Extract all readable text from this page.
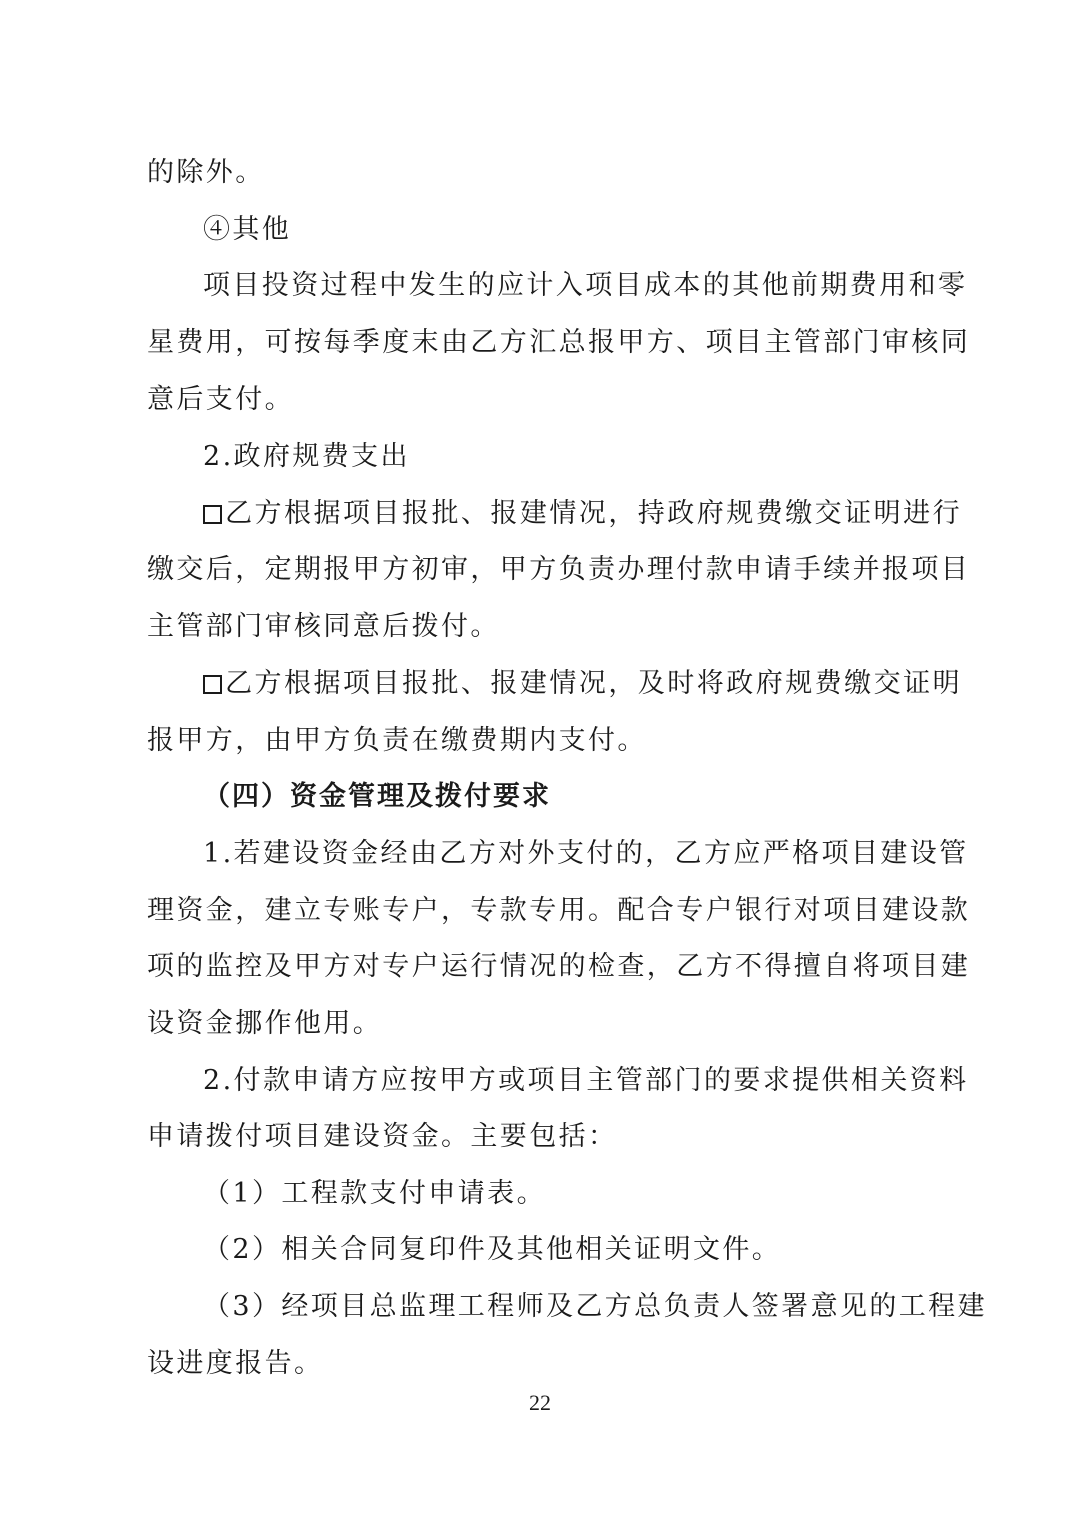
的除外。
④其他
项目投资过程中发生的应计入项目成本的其他前期费用和零
星费用，可按每季度末由乙方汇总报甲方、项目主管部门审核同
意后支付。
2.政府规费支出
乙方根据项目报批、报建情况，持政府规费缴交证明进行
缴交后，定期报甲方初审，甲方负责办理付款申请手续并报项目
主管部门审核同意后拨付。
乙方根据项目报批、报建情况，及时将政府规费缴交证明
报甲方，由甲方负责在缴费期内支付。
（四）资金管理及拨付要求
1.若建设资金经由乙方对外支付的，乙方应严格项目建设管
理资金，建立专账专户，专款专用。配合专户银行对项目建设款
项的监控及甲方对专户运行情况的检查，乙方不得擅自将项目建
设资金挪作他用。
2.付款申请方应按甲方或项目主管部门的要求提供相关资料
申请拨付项目建设资金。主要包括：
（1）工程款支付申请表。
（2）相关合同复印件及其他相关证明文件。
（3）经项目总监理工程师及乙方总负责人签署意见的工程建
设进度报告。
22
